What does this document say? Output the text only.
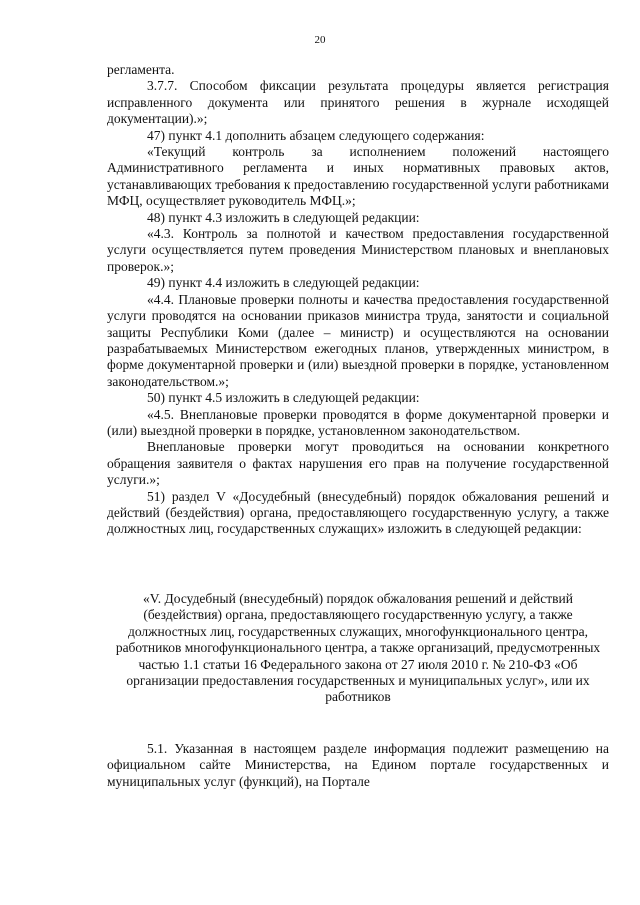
20

регламента.

3.7.7. Способом фиксации результата процедуры является регистрация исправленного документа или принятого решения в журнале исходящей документации).»;

47) пункт 4.1 дополнить абзацем следующего содержания:

«Текущий контроль за исполнением положений настоящего Административного регламента и иных нормативных правовых актов, устанавливающих требования к предоставлению государственной услуги работниками МФЦ, осуществляет руководитель МФЦ.»;

48) пункт 4.3 изложить в следующей редакции:

«4.3. Контроль за полнотой и качеством предоставления государственной услуги осуществляется путем проведения Министерством плановых и внеплановых проверок.»;

49) пункт 4.4 изложить в следующей редакции:

«4.4. Плановые проверки полноты и качества предоставления государственной услуги проводятся на основании приказов министра труда, занятости и социальной защиты Республики Коми (далее – министр) и осуществляются на основании разрабатываемых Министерством ежегодных планов, утвержденных министром, в форме документарной проверки и (или) выездной проверки в порядке, установленном законодательством.»;

50) пункт 4.5 изложить в следующей редакции:

«4.5. Внеплановые проверки проводятся в форме документарной проверки и (или) выездной проверки в порядке, установленном законодательством.

Внеплановые проверки могут проводиться на основании конкретного обращения заявителя о фактах нарушения его прав на получение государственной услуги.»;

51) раздел V «Досудебный (внесудебный) порядок обжалования решений и действий (бездействия) органа, предоставляющего государственную услугу, а также должностных лиц, государственных служащих» изложить в следующей редакции:

«V. Досудебный (внесудебный) порядок обжалования решений и действий (бездействия) органа, предоставляющего государственную услугу, а также должностных лиц, государственных служащих, многофункционального центра, работников многофункционального центра, а также организаций, предусмотренных частью 1.1 статьи 16 Федерального закона от 27 июля 2010 г. № 210-ФЗ «Об организации предоставления государственных и муниципальных услуг», или их работников
5.1. Указанная в настоящем разделе информация подлежит размещению на официальном сайте Министерства, на Едином портале государственных и муниципальных услуг (функций), на Портале
